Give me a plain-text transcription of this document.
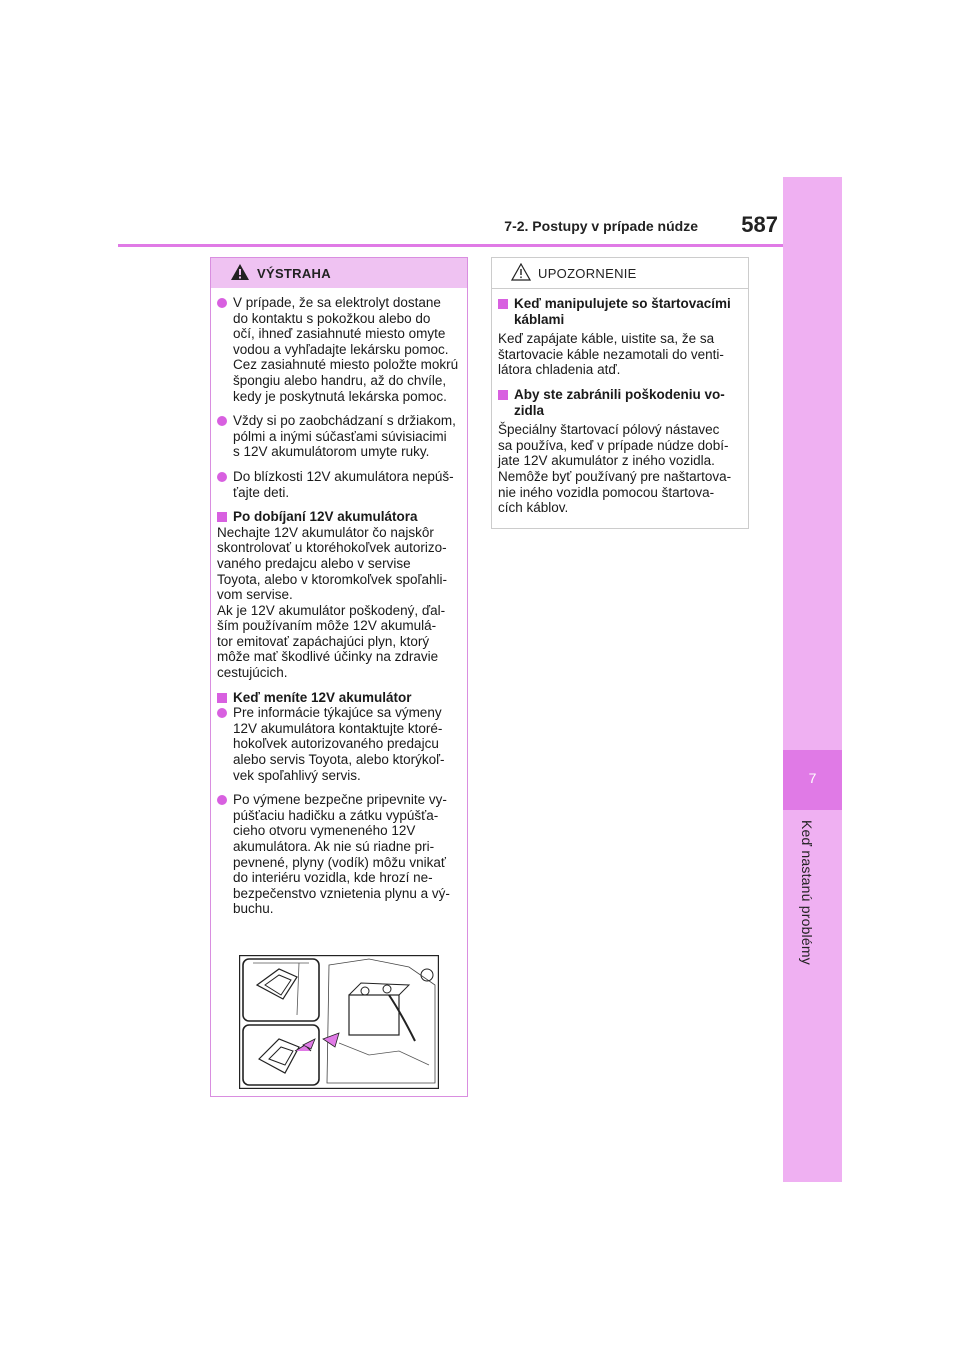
7
Keď nastanú problémy
7-2. Postupy v prípade núdze	587
VÝSTRAHA
V prípade, že sa elektrolyt dostane
do kontaktu s pokožkou alebo do
očí, ihneď zasiahnuté miesto omyte
vodou a vyhľadajte lekársku pomoc.
Cez zasiahnuté miesto položte mokrú
špongiu alebo handru, až do chvíle,
kedy je poskytnutá lekárska pomoc.
Vždy si po zaobchádzaní s držiakom,
pólmi a inými súčasťami súvisiacimi
s 12V akumulátorom umyte ruky.
Do blízkosti 12V akumulátora nepúš-
ťajte deti.
Po dobíjaní 12V akumulátora
Nechajte 12V akumulátor čo najskôr
skontrolovať u ktoréhokoľvek autorizo-
vaného predajcu alebo v servise
Toyota, alebo v ktoromkoľvek spoľahli-
vom servise.
Ak je 12V akumulátor poškodený, ďal-
ším používaním môže 12V akumulá-
tor emitovať zapáchajúci plyn, ktorý
môže mať škodlivé účinky na zdravie
cestujúcich.
Keď meníte 12V akumulátor
Pre informácie týkajúce sa výmeny
12V akumulátora kontaktujte ktoré-
hokoľvek autorizovaného predajcu
alebo servis Toyota, alebo ktorýkoľ-
vek spoľahlivý servis.
Po výmene bezpečne pripevnite vy-
púšťaciu hadičku a zátku vypúšťa-
cieho otvoru vymeneného 12V
akumulátora. Ak nie sú riadne pri-
pevnené, plyny (vodík) môžu vnikať
do interiéru vozidla, kde hrozí ne-
bezpečenstvo vznietenia plynu a vý-
buchu.
UPOZORNENIE
Keď manipulujete so štartovacími
káblami
Keď zapájate káble, uistite sa, že sa
štartovacie káble nezamotali do venti-
látora chladenia atď.
Aby ste zabránili poškodeniu vo-
zidla
Špeciálny štartovací pólový nástavec
sa používa, keď v prípade núdze dobí-
jate 12V akumulátor z iného vozidla.
Nemôže byť používaný pre naštartova-
nie iného vozidla pomocou štartova-
cích káblov.
